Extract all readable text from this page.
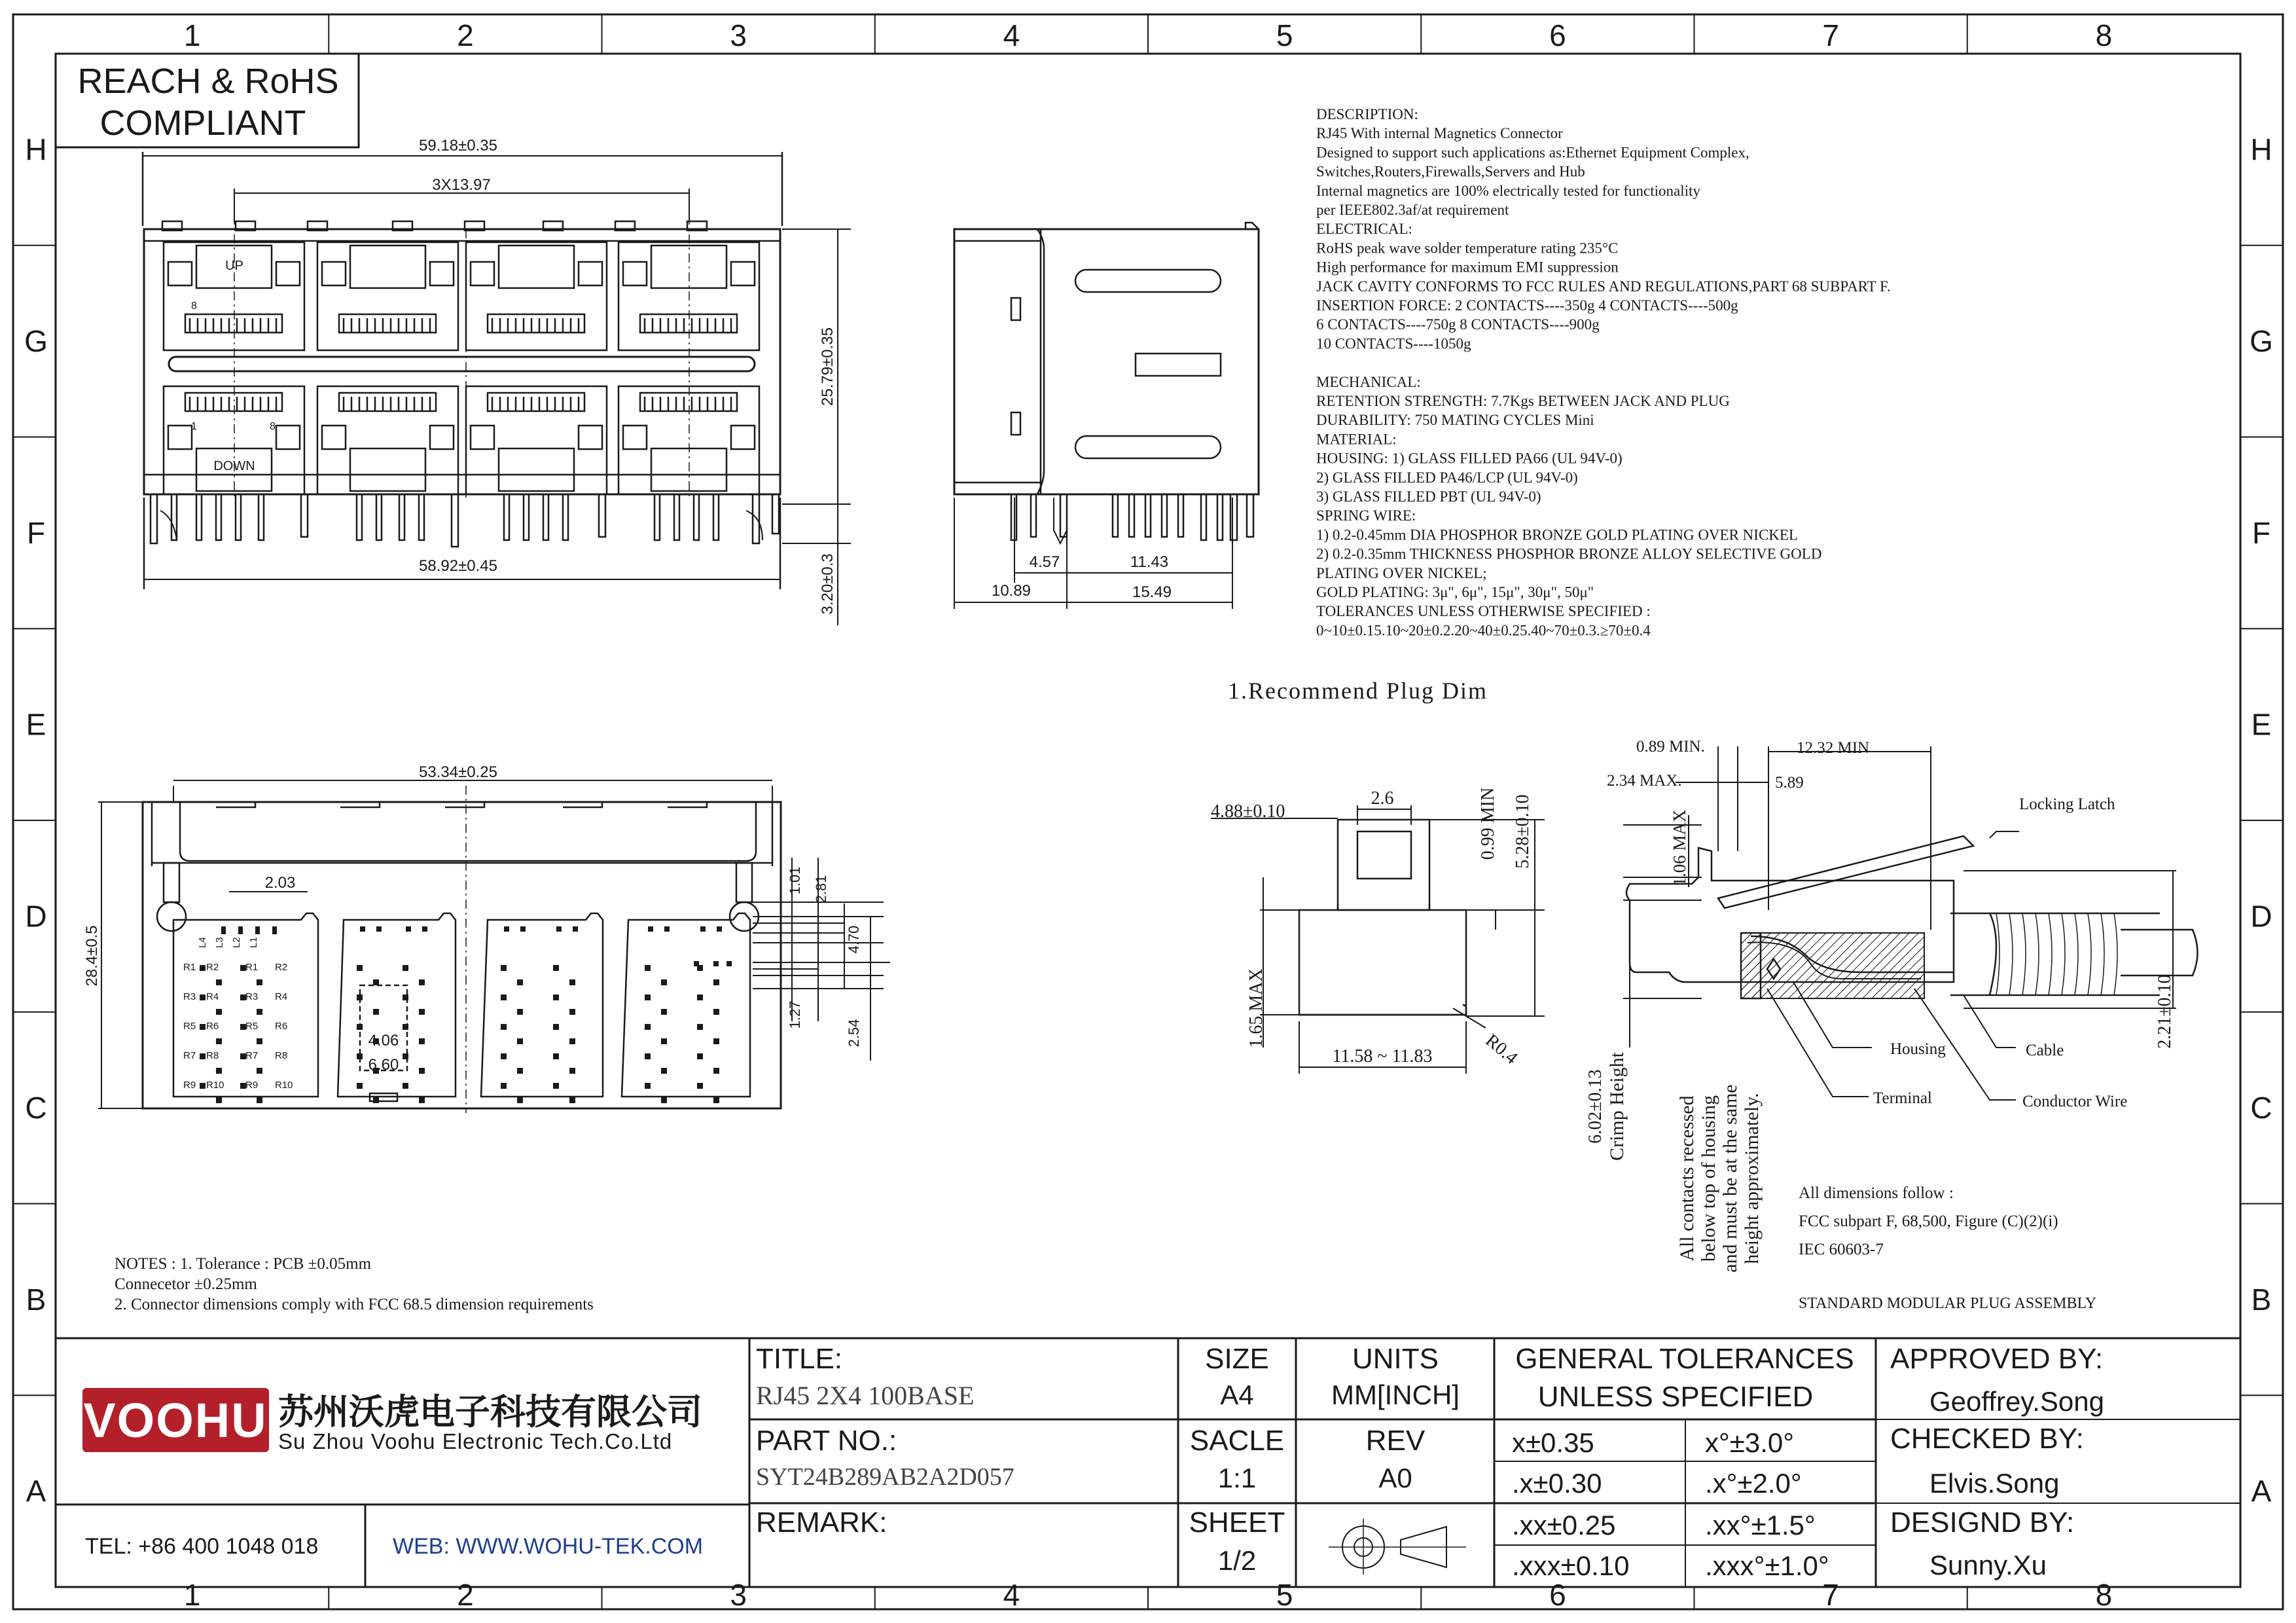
1
1
2
2
3
3
4
4
5
5
6
6
7
7
8
8
H	H
G	G
F	F
E	E
D	D
C	C
B	B
A	A
REACH & RoHS
COMPLIANT
59.18±0.35
3X13.97
58.92±0.45
25.79±0.35
3.20±0.3
UP
DOWN
8
1	8
4.57	11.43
10.89	15.49
DESCRIPTION:
RJ45 With internal Magnetics Connector
Designed to support such applications as:Ethernet Equipment Complex,
Switches,Routers,Firewalls,Servers and Hub
Internal magnetics are 100% electrically tested for functionality
per IEEE802.3af/at requirement
ELECTRICAL:
RoHS peak wave solder temperature rating 235°C
High performance for maximum EMI suppression
JACK CAVITY CONFORMS TO FCC RULES AND REGULATIONS,PART 68 SUBPART F.
INSERTION FORCE: 2 CONTACTS----350g 4 CONTACTS----500g
6 CONTACTS----750g 8 CONTACTS----900g
10 CONTACTS----1050g
MECHANICAL:
RETENTION STRENGTH: 7.7Kgs BETWEEN JACK AND PLUG
DURABILITY: 750 MATING CYCLES Mini
MATERIAL:
HOUSING: 1) GLASS FILLED PA66 (UL 94V-0)
2) GLASS FILLED PA46/LCP (UL 94V-0)
3) GLASS FILLED PBT (UL 94V-0)
SPRING WIRE:
1) 0.2-0.45mm DIA PHOSPHOR BRONZE GOLD PLATING OVER NICKEL
2) 0.2-0.35mm THICKNESS PHOSPHOR BRONZE ALLOY SELECTIVE GOLD
PLATING OVER NICKEL;
GOLD PLATING: 3μ", 6μ", 15μ", 30μ", 50μ"
TOLERANCES UNLESS OTHERWISE SPECIFIED :
0~10±0.15.10~20±0.2.20~40±0.25.40~70±0.3.≥70±0.4
1.Recommend Plug Dim
53.34±0.25
28.4±0.5
2.03	1.01 2.81
4.70
1.27
2.54
4.06
6.60
R1 R2
R3 R4
R5 R6
R7 R8
R9 R10
R1 R2
R3 R4
R5 R6
R7 R8
R9 R10
L4 L3 L2 L1
4.88±0.10
2.6	0.99 MIN 5.28±0.10
1.65 MAX
11.58 ~ 11.83	R0.4
0.89 MIN.	12.32 MIN
2.34 MAX.	5.89
1.06 MAX
2.21±0.10
6.02±0.13 Crimp Height
Locking Latch
Housing	Cable
Terminal	Conductor Wire
All contacts recessed below top of housing and must be at the same height approximately. All dimensions follow :
FCC subpart F, 68,500, Figure (C)(2)(i)
IEC 60603-7
STANDARD MODULAR PLUG ASSEMBLY
NOTES : 1. Tolerance : PCB ±0.05mm
Connecetor ±0.25mm
2. Connector dimensions comply with FCC 68.5 dimension requirements
VOOHU 苏州沃虎电子科技有限公司
Su Zhou Voohu Electronic Tech.Co.Ltd
TEL: +86 400 1048 018	WEB: WWW.WOHU-TEK.COM
TITLE:
RJ45 2X4 100BASE
PART NO.:
SYT24B289AB2A2D057
REMARK:
SIZE
A4
UNITS
MM[INCH]
SACLE
1:1
REV
A0
SHEET
1/2
GENERAL TOLERANCES
UNLESS SPECIFIED
x±0.35	x°±3.0°
.x±0.30	.x°±2.0°
.xx±0.25	.xx°±1.5°
.xxx±0.10	.xxx°±1.0°
APPROVED BY:
Geoffrey.Song
CHECKED BY:
Elvis.Song
DESIGND BY:
Sunny.Xu
